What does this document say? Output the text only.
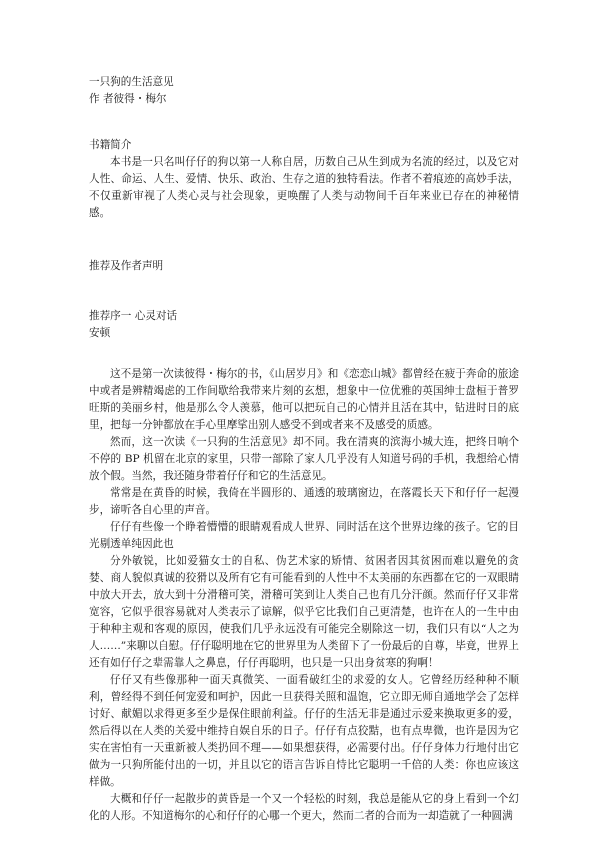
一只狗的生活意见
作 者彼得・梅尔
书籍简介

本书是一只名叫仔仔的狗以第一人称自居，历数自己从生到成为名流的经过，以及它对人性、命运、人生、爱情、快乐、政治、生存之道的独特看法。作者不着痕迹的高妙手法，不仅重新审视了人类心灵与社会现象，更唤醒了人类与动物间千百年来业已存在的神秘情感。

推荐及作者声明
推荐序一 心灵对话
安顿

这不是第一次读彼得・梅尔的书，《山居岁月》和《恋恋山城》都曾经在疲于奔命的旅途中或者是辨精竭虑的工作间歇给我带来片刻的玄想，想象中一位优雅的英国绅士盘桓于普罗旺斯的美丽乡村，他是那么令人羡慕，他可以把玩自己的心情并且活在其中，钻进时日的底里，把每一分钟都放在手心里摩挲出别人感受不到或者来不及感受的质感。

然而，这一次读《一只狗的生活意见》却不同。我在清爽的滨海小城大连，把终日响个不停的 BP 机留在北京的家里，只带一部除了家人几乎没有人知道号码的手机，我想给心情放个假。当然，我还随身带着仔仔和它的生活意见。

常常是在黄昏的时候，我倚在半圆形的、通透的玻璃窗边，在落霞长天下和仔仔一起漫步，谛听各自心里的声音。

仔仔有些像一个睁着懵懵的眼睛观看成人世界、同时活在这个世界边缘的孩子。它的目光剔透单纯因此也

分外敏锐，比如爱猫女士的自私、伪艺术家的矫情、贫困者因其贫困而难以避免的贪婪、商人貌似真诚的狡猾以及所有它有可能看到的人性中不太美丽的东西都在它的一双眼睛中放大开去，放大到十分滑稽可笑，滑稽可笑到让人类自己也有几分汗颜。然而仔仔又非常宽容，它似乎很容易就对人类表示了谅解，似乎它比我们自己更清楚，也许在人的一生中由于种种主观和客观的原因，使我们几乎永远没有可能完全剔除这一切，我们只有以“人之为人……”来聊以自慰。仔仔聪明地在它的世界里为人类留下了一份最后的自尊，毕竟，世界上还有如仔仔之辈需靠人之鼻息，仔仔再聪明，也只是一只出身贫寒的狗啊！

仔仔又有些像那种一面天真微笑、一面看破红尘的求爱的女人。它曾经历经种种不顺利，曾经得不到任何宠爱和呵护，因此一旦获得关照和温饱，它立即无师自通地学会了怎样讨好、献媚以求得更多至少是保住眼前利益。仔仔的生活无非是通过示爱来换取更多的爱，然后得以在人类的关爱中维持自娱自乐的日子。仔仔有点狡黠，也有点卑微，也许是因为它实在害怕有一天重新被人类扔回不理——如果想获得，必需要付出。仔仔身体力行地付出它做为一只狗所能付出的一切，并且以它的语言告诉自恃比它聪明一千倍的人类：你也应该这样做。

大概和仔仔一起散步的黄昏是一个又一个轻松的时刻，我总是能从它的身上看到一个幻化的人形。不知道梅尔的心和仔仔的心哪一个更大，然而二者的合而为一却造就了一种圆满
